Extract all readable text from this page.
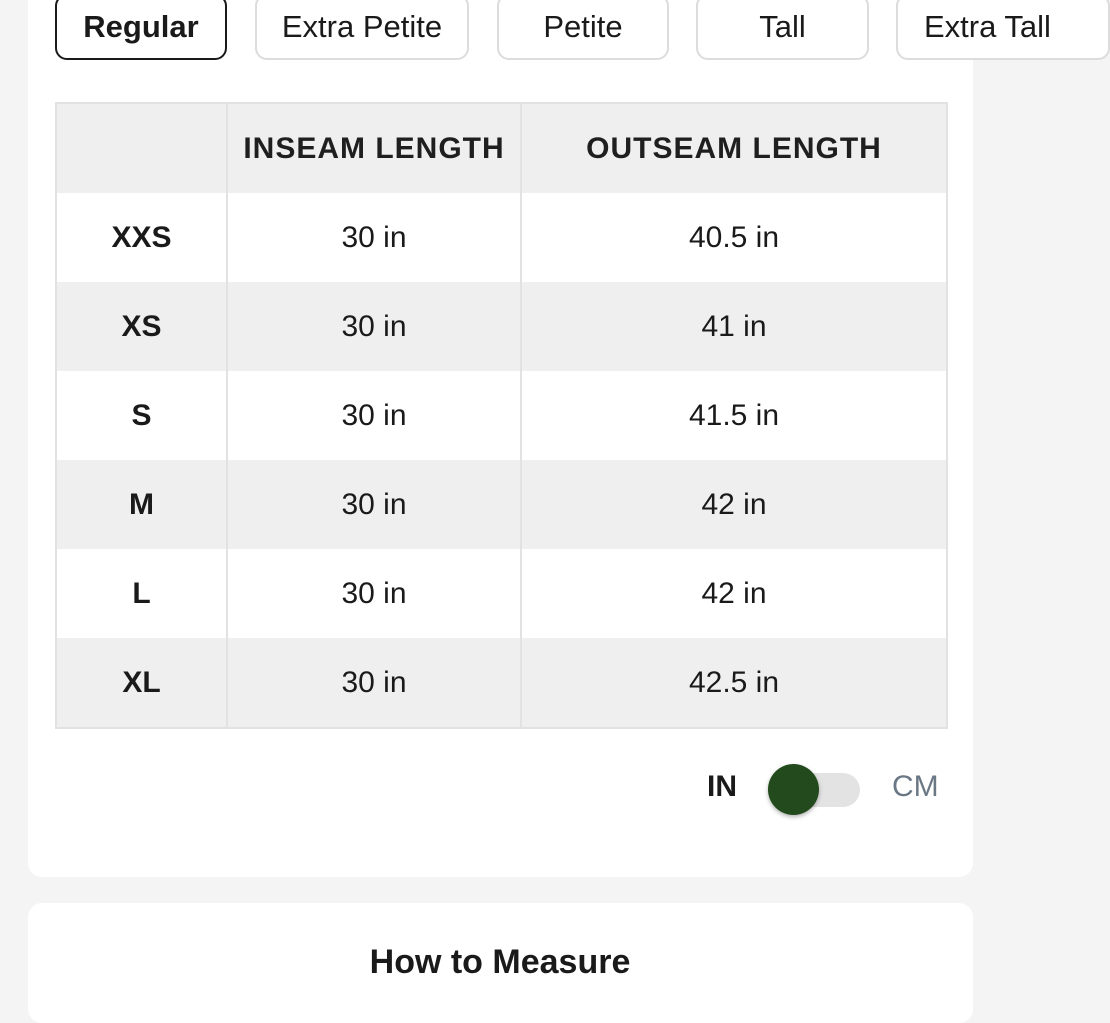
Regular	Extra Petite	Petite	Tall	Extra Tall
	INSEAM LENGTH	OUTSEAM LENGTH
XXS	30 in	40.5 in
XS	30 in	41 in
S	30 in	41.5 in
M	30 in	42 in
L	30 in	42 in
XL	30 in	42.5 in
IN	CM
How to Measure
